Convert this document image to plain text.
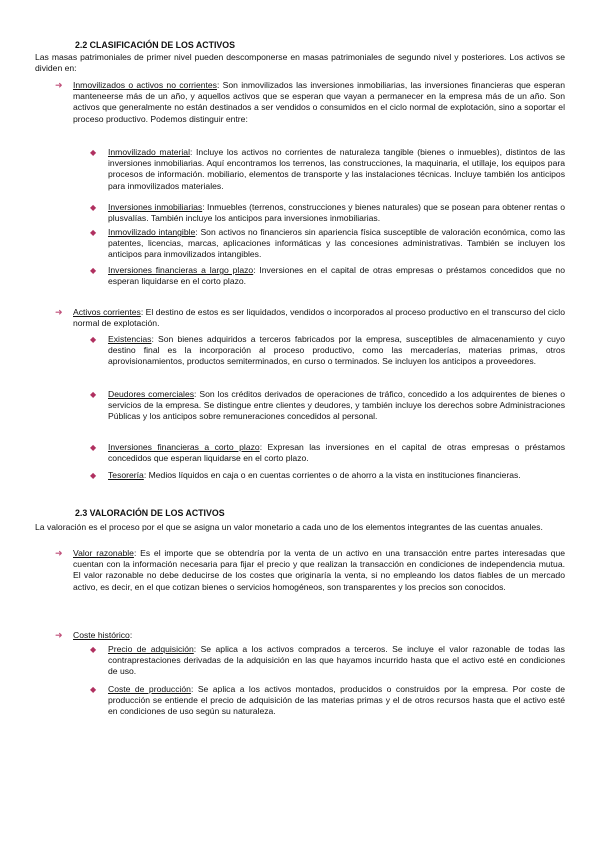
2.2 CLASIFICACIÓN DE LOS ACTIVOS
Las masas patrimoniales de primer nivel pueden descomponerse en masas patrimoniales de segundo nivel y posteriores. Los activos se dividen en:
➜ Inmovilizados o activos no corrientes: Son inmovilizados las inversiones inmobiliarias, las inversiones financieras que esperan manteneerse más de un año, y aquellos activos que se esperan que vayan a permanecer en la empresa más de un año. Son activos que generalmente no están destinados a ser vendidos o consumidos en el ciclo normal de explotación, sino a soportar el proceso productivo. Podemos distinguir entre:
◆ Inmovilizado material: Incluye los activos no corrientes de naturaleza tangible (bienes o inmuebles), distintos de las inversiones inmobiliarias. Aquí encontramos los terrenos, las construcciones, la maquinaria, el utillaje, los equipos para procesos de información. mobiliario, elementos de transporte y las instalaciones técnicas. Incluye también los anticipos para inmovilizados materiales.
◆ Inversiones inmobiliarias: Inmuebles (terrenos, construcciones y bienes naturales) que se posean para obtener rentas o plusvalías. También incluye los anticipos para inversiones inmobiliarias.
◆ Inmovilizado intangible: Son activos no financieros sin apariencia física susceptible de valoración económica, como las patentes, licencias, marcas, aplicaciones informáticas y las concesiones administrativas. También se incluyen los anticipos para inmovilizados intangibles.
◆ Inversiones financieras a largo plazo: Inversiones en el capital de otras empresas o préstamos concedidos que no esperan liquidarse en el corto plazo.
➜ Activos corrientes: El destino de estos es ser liquidados, vendidos o incorporados al proceso productivo en el transcurso del ciclo normal de explotación.
◆ Existencias: Son bienes adquiridos a terceros fabricados por la empresa, susceptibles de almacenamiento y cuyo destino final es la incorporación al proceso productivo, como las mercaderías, materias primas, otros aprovisionamientos, productos semiterminados, en curso o terminados. Se incluyen los anticipos a proveedores.
◆ Deudores comerciales: Son los créditos derivados de operaciones de tráfico, concedido a los adquirentes de bienes o servicios de la empresa. Se distingue entre clientes y deudores, y también incluye los derechos sobre Administraciones Públicas y los anticipos sobre remuneraciones concedidos al personal.
◆ Inversiones financieras a corto plazo: Expresan las inversiones en el capital de otras empresas o préstamos concedidos que esperan liquidarse en el corto plazo.
◆ Tesorería: Medios líquidos en caja o en cuentas corrientes o de ahorro a la vista en instituciones financieras.
2.3 VALORACIÓN DE LOS ACTIVOS
La valoración es el proceso por el que se asigna un valor monetario a cada uno de los elementos integrantes de las cuentas anuales.
➜ Valor razonable: Es el importe que se obtendría por la venta de un activo en una transacción entre partes interesadas que cuentan con la información necesaria para fijar el precio y que realizan la transacción en condiciones de independencia mutua. El valor razonable no debe deducirse de los costes que originaría la venta, si no empleando los datos fiables de un mercado activo, es decir, en el que cotizan bienes o servicios homogéneos, son transparentes y los precios son conocidos.
➜ Coste histórico:
◆ Precio de adquisición: Se aplica a los activos comprados a terceros. Se incluye el valor razonable de todas las contraprestaciones derivadas de la adquisición en las que hayamos incurrido hasta que el activo esté en condiciones de uso.
◆ Coste de producción: Se aplica a los activos montados, producidos o construidos por la empresa. Por coste de producción se entiende el precio de adquisición de las materias primas y el de otros recursos hasta que el activo esté en condiciones de uso según su naturaleza.
